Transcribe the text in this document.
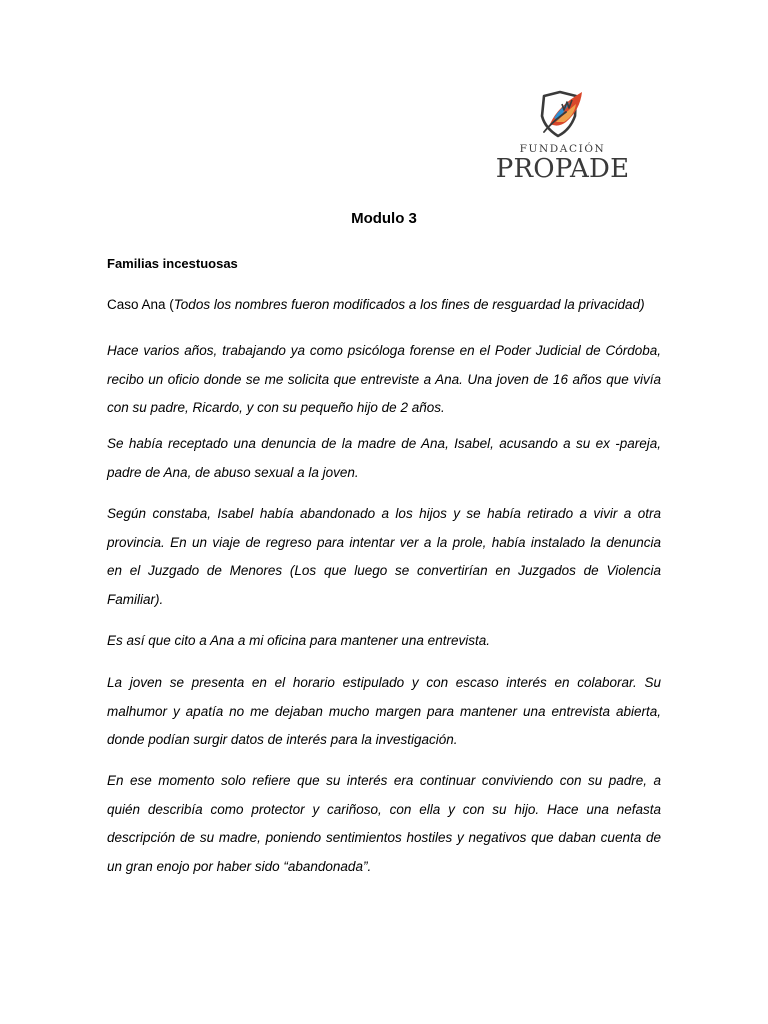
FUNDACIÓN
PROPADE
Modulo 3
Familias incestuosas
Caso Ana (Todos los nombres fueron modificados a los fines de resguardad la privacidad)

Hace varios años, trabajando ya como psicóloga forense en el Poder Judicial de Córdoba,
recibo un oficio donde se me solicita que entreviste a Ana. Una joven de 16 años que vivía
con su padre, Ricardo, y con su pequeño hijo de 2 años.

Se había receptado una denuncia de la madre de Ana, Isabel, acusando a su ex -pareja,
padre de Ana, de abuso sexual a la joven.

Según constaba, Isabel había abandonado a los hijos y se había retirado a vivir a otra
provincia. En un viaje de regreso para intentar ver a la prole, había instalado la denuncia
en el Juzgado de Menores (Los que luego se convertirían en Juzgados de Violencia
Familiar).

Es así que cito a Ana a mi oficina para mantener una entrevista.

La joven se presenta en el horario estipulado y con escaso interés en colaborar. Su
malhumor y apatía no me dejaban mucho margen para mantener una entrevista abierta,
donde podían surgir datos de interés para la investigación.

En ese momento solo refiere que su interés era continuar conviviendo con su padre, a
quién describía como protector y cariñoso, con ella y con su hijo. Hace una nefasta
descripción de su madre, poniendo sentimientos hostiles y negativos que daban cuenta de
un gran enojo por haber sido “abandonada”.
